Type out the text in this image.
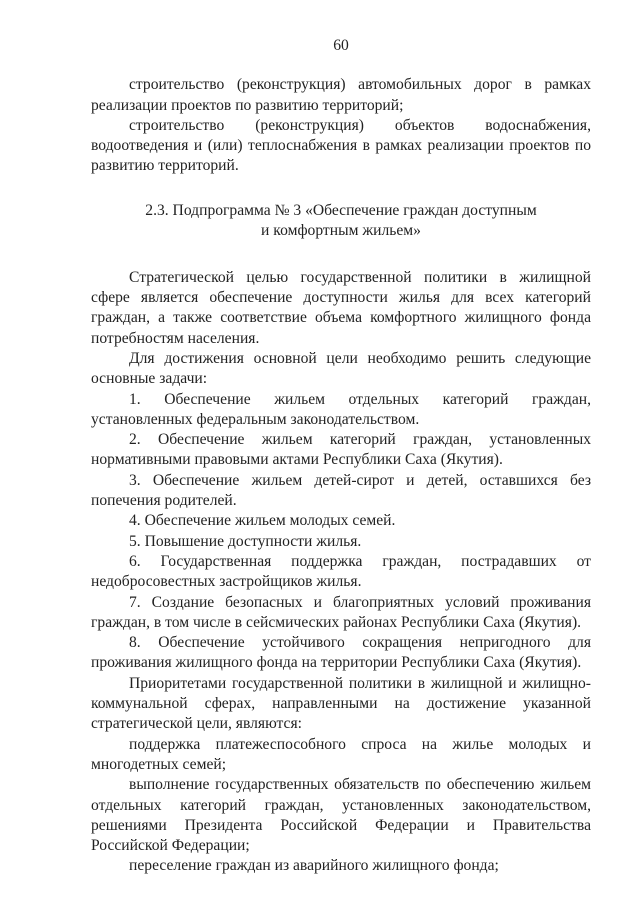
60

строительство (реконструкция) автомобильных дорог в рамках реализации проектов по развитию территорий;

строительство (реконструкция) объектов водоснабжения, водоотведения и (или) теплоснабжения в рамках реализации проектов по развитию территорий.

2.3. Подпрограмма № 3 «Обеспечение граждан доступным
и комфортным жильем»

Стратегической целью государственной политики в жилищной сфере является обеспечение доступности жилья для всех категорий граждан, а также соответствие объема комфортного жилищного фонда потребностям населения.

Для достижения основной цели необходимо решить следующие основные задачи:

1. Обеспечение жильем отдельных категорий граждан, установленных федеральным законодательством.

2. Обеспечение жильем категорий граждан, установленных нормативными правовыми актами Республики Саха (Якутия).

3. Обеспечение жильем детей-сирот и детей, оставшихся без попечения родителей.

4. Обеспечение жильем молодых семей.

5. Повышение доступности жилья.

6. Государственная поддержка граждан, пострадавших от недобросовестных застройщиков жилья.

7. Создание безопасных и благоприятных условий проживания граждан, в том числе в сейсмических районах Республики Саха (Якутия).

8. Обеспечение устойчивого сокращения непригодного для проживания жилищного фонда на территории Республики Саха (Якутия).

Приоритетами государственной политики в жилищной и жилищно-коммунальной сферах, направленными на достижение указанной стратегической цели, являются:

поддержка платежеспособного спроса на жилье молодых и многодетных семей;

выполнение государственных обязательств по обеспечению жильем отдельных категорий граждан, установленных законодательством, решениями Президента Российской Федерации и Правительства Российской Федерации;

переселение граждан из аварийного жилищного фонда;
